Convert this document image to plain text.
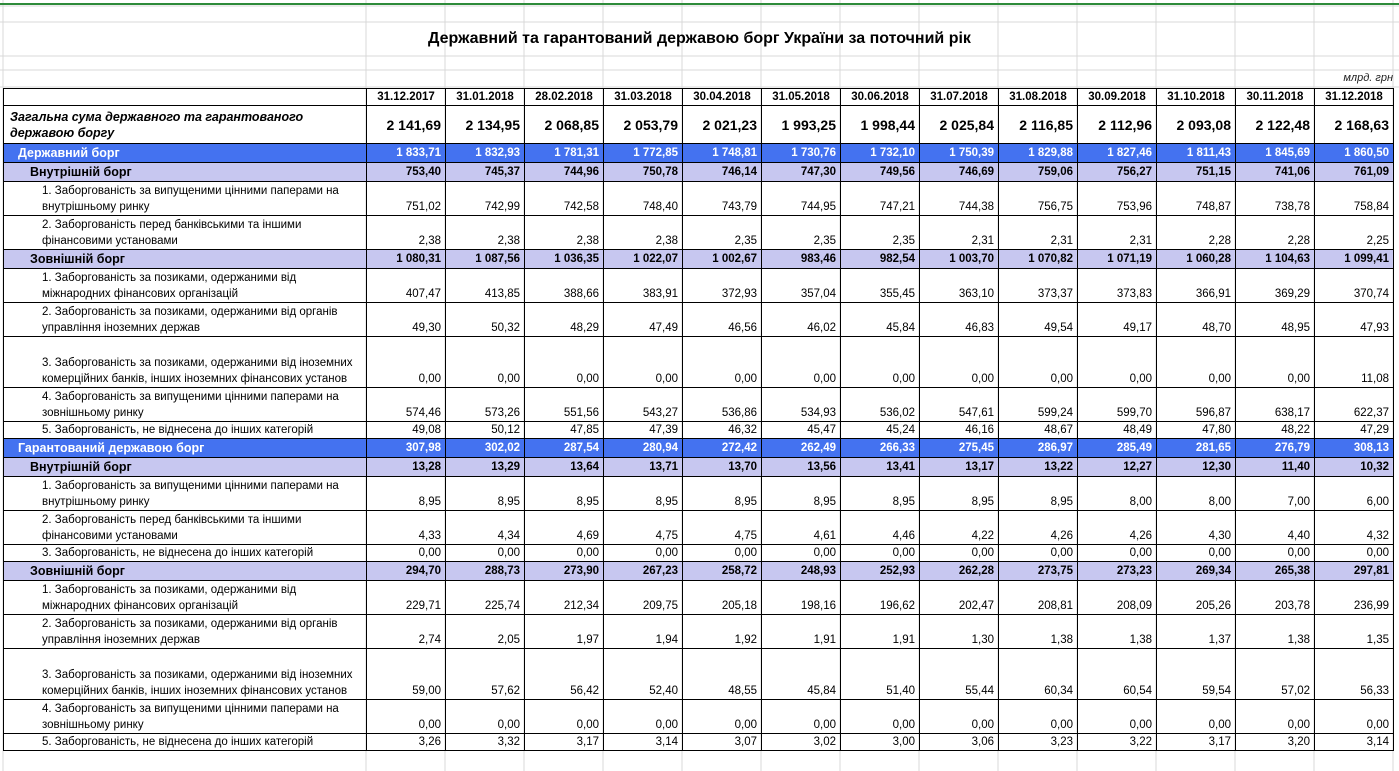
Державний та гарантований державою борг України за поточний рік
млрд. грн
	31.12.2017	31.01.2018	28.02.2018	31.03.2018	30.04.2018	31.05.2018	30.06.2018	31.07.2018	31.08.2018	30.09.2018	31.10.2018	30.11.2018	31.12.2018
Загальна сума державного та гарантованого державою боргу	2 141,69	2 134,95	2 068,85	2 053,79	2 021,23	1 993,25	1 998,44	2 025,84	2 116,85	2 112,96	2 093,08	2 122,48	2 168,63
Державний борг	1 833,71	1 832,93	1 781,31	1 772,85	1 748,81	1 730,76	1 732,10	1 750,39	1 829,88	1 827,46	1 811,43	1 845,69	1 860,50
Внутрішній борг	753,40	745,37	744,96	750,78	746,14	747,30	749,56	746,69	759,06	756,27	751,15	741,06	761,09
1. Заборгованість за випущеними цінними паперами на внутрішньому ринку	751,02	742,99	742,58	748,40	743,79	744,95	747,21	744,38	756,75	753,96	748,87	738,78	758,84
2. Заборгованість перед банківськими та іншими фінансовими установами	2,38	2,38	2,38	2,38	2,35	2,35	2,35	2,31	2,31	2,31	2,28	2,28	2,25
Зовнішній борг	1 080,31	1 087,56	1 036,35	1 022,07	1 002,67	983,46	982,54	1 003,70	1 070,82	1 071,19	1 060,28	1 104,63	1 099,41
1. Заборгованість за позиками, одержаними від міжнародних фінансових організацій	407,47	413,85	388,66	383,91	372,93	357,04	355,45	363,10	373,37	373,83	366,91	369,29	370,74
2. Заборгованість за позиками, одержаними від органів управління іноземних держав	49,30	50,32	48,29	47,49	46,56	46,02	45,84	46,83	49,54	49,17	48,70	48,95	47,93
3. Заборгованість за позиками, одержаними від іноземних комерційних банків, інших іноземних фінансових установ	0,00	0,00	0,00	0,00	0,00	0,00	0,00	0,00	0,00	0,00	0,00	0,00	11,08
4. Заборгованість за випущеними цінними паперами на зовнішньому ринку	574,46	573,26	551,56	543,27	536,86	534,93	536,02	547,61	599,24	599,70	596,87	638,17	622,37
5. Заборгованість, не віднесена до інших категорій	49,08	50,12	47,85	47,39	46,32	45,47	45,24	46,16	48,67	48,49	47,80	48,22	47,29
Гарантований державою борг	307,98	302,02	287,54	280,94	272,42	262,49	266,33	275,45	286,97	285,49	281,65	276,79	308,13
Внутрішній борг	13,28	13,29	13,64	13,71	13,70	13,56	13,41	13,17	13,22	12,27	12,30	11,40	10,32
1. Заборгованість за випущеними цінними паперами на внутрішньому ринку	8,95	8,95	8,95	8,95	8,95	8,95	8,95	8,95	8,95	8,00	8,00	7,00	6,00
2. Заборгованість перед банківськими та іншими фінансовими установами	4,33	4,34	4,69	4,75	4,75	4,61	4,46	4,22	4,26	4,26	4,30	4,40	4,32
3. Заборгованість, не віднесена до інших категорій	0,00	0,00	0,00	0,00	0,00	0,00	0,00	0,00	0,00	0,00	0,00	0,00	0,00
Зовнішній борг	294,70	288,73	273,90	267,23	258,72	248,93	252,93	262,28	273,75	273,23	269,34	265,38	297,81
1. Заборгованість за позиками, одержаними від міжнародних фінансових організацій	229,71	225,74	212,34	209,75	205,18	198,16	196,62	202,47	208,81	208,09	205,26	203,78	236,99
2. Заборгованість за позиками, одержаними від органів управління іноземних держав	2,74	2,05	1,97	1,94	1,92	1,91	1,91	1,30	1,38	1,38	1,37	1,38	1,35
3. Заборгованість за позиками, одержаними від іноземних комерційних банків, інших іноземних фінансових установ	59,00	57,62	56,42	52,40	48,55	45,84	51,40	55,44	60,34	60,54	59,54	57,02	56,33
4. Заборгованість за випущеними цінними паперами на зовнішньому ринку	0,00	0,00	0,00	0,00	0,00	0,00	0,00	0,00	0,00	0,00	0,00	0,00	0,00
5. Заборгованість, не віднесена до інших категорій	3,26	3,32	3,17	3,14	3,07	3,02	3,00	3,06	3,23	3,22	3,17	3,20	3,14
